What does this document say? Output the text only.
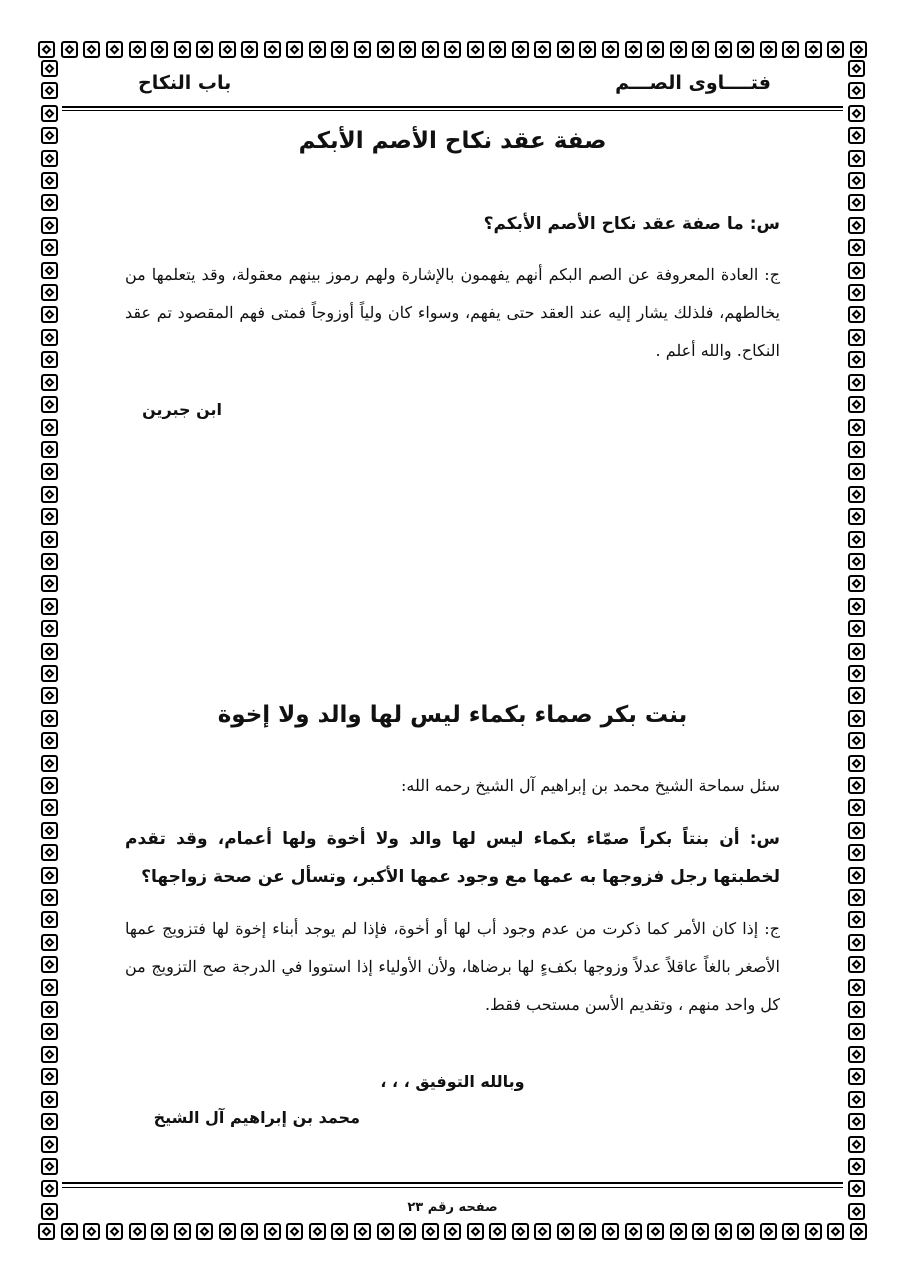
فتــــاوى الصـــم
باب النكاح
صفة عقد نكاح الأصم الأبكم
س: ما صفة عقد نكاح الأصم الأبكم؟
ج: العادة المعروفة عن الصم البكم أنهم يفهمون بالإشارة ولهم رموز بينهم معقولة، وقد يتعلمها من يخالطهم، فلذلك يشار إليه عند العقد حتى يفهم، وسواء كان ولياً أوزوجاً فمتى فهم المقصود تم عقد النكاح. والله أعلم .
ابن جبرين
بنت بكر صماء بكماء ليس لها والد ولا إخوة
سئل سماحة الشيخ محمد بن إبراهيم آل الشيخ رحمه الله:
س: أن بنتاً بكراً صمّاء بكماء ليس لها والد ولا أخوة ولها أعمام، وقد تقدم لخطبتها رجل فزوجها به عمها مع وجود عمها الأكبر، وتسأل عن صحة زواجها؟
ج: إذا كان الأمر كما ذكرت من عدم وجود أب لها أو أخوة، فإذا لم يوجد أبناء إخوة لها فتزويج عمها الأصغر بالغاً عاقلاً عدلاً وزوجها بكفءٍ لها برضاها، ولأن الأولياء إذا استووا في الدرجة صح التزويج من كل واحد منهم ، وتقديم الأسن مستحب فقط.
وبالله التوفيق ، ، ،
محمد بن إبراهيم آل الشيخ
صفحه رقم ٢٣
